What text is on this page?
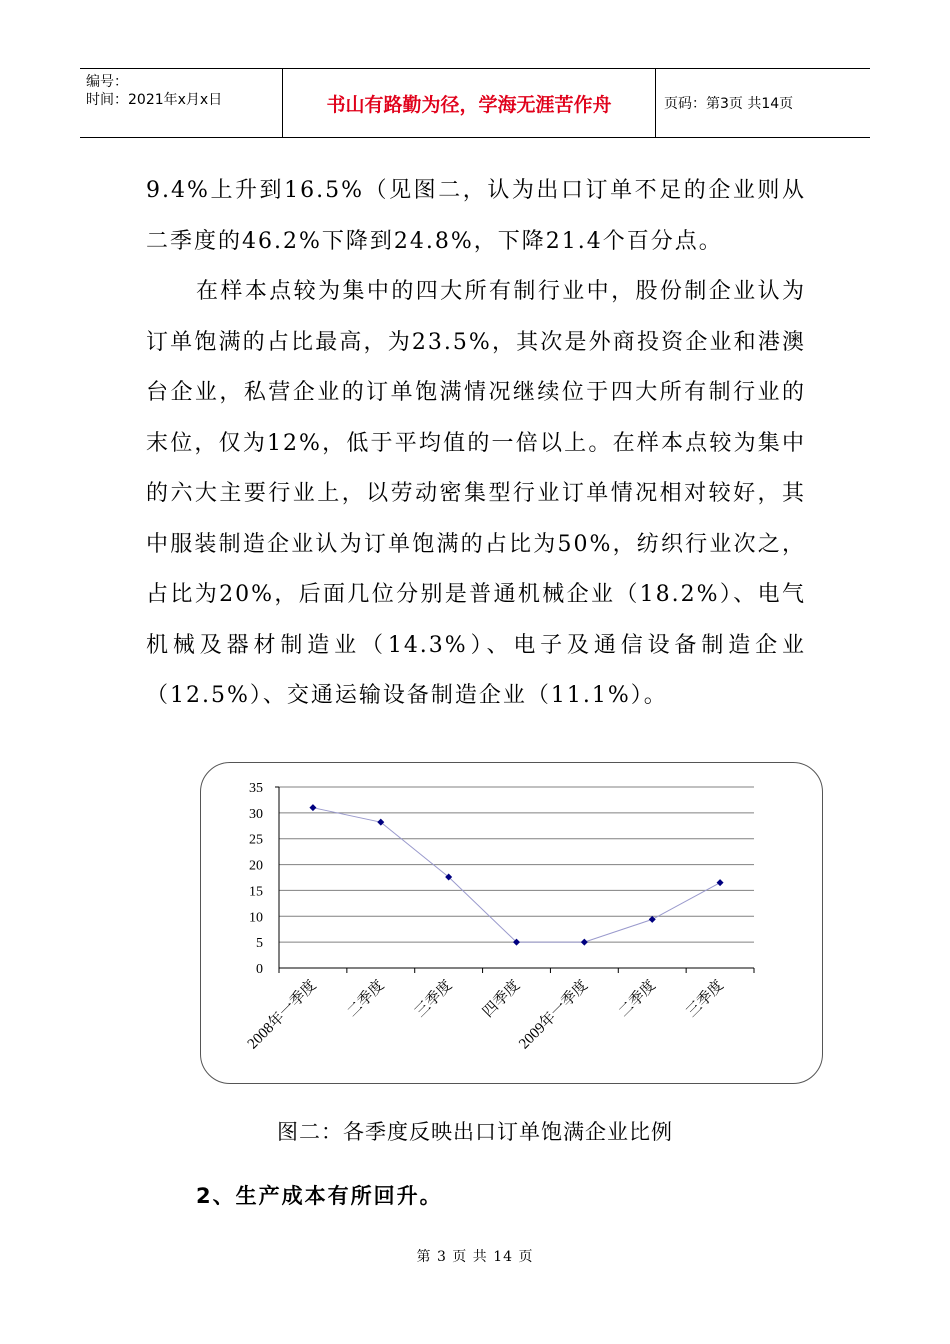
编号：
时间：2021年x月x日	书山有路勤为径，学海无涯苦作舟	页码：第3页 共14页

9.4%上升到16.5%（见图二，认为出口订单不足的企业则从二季度的46.2%下降到24.8%，下降21.4个百分点。

在样本点较为集中的四大所有制行业中，股份制企业认为订单饱满的占比最高，为23.5%，其次是外商投资企业和港澳台企业，私营企业的订单饱满情况继续位于四大所有制行业的末位，仅为12%，低于平均值的一倍以上。在样本点较为集中的六大主要行业上，以劳动密集型行业订单情况相对较好，其中服装制造企业认为订单饱满的占比为50%，纺织行业次之，占比为20%，后面几位分别是普通机械企业（18.2%）、电气机械及器材制造业（14.3%）、电子及通信设备制造企业（12.5%）、交通运输设备制造企业（11.1%）。

0
5
10
15
20
25
30
35
2008年一季度 二季度 三季度 四季度
2009年一季度 二季度 三季度
图二：各季度反映出口订单饱满企业比例
2、生产成本有所回升。
第 3 页 共 14 页
